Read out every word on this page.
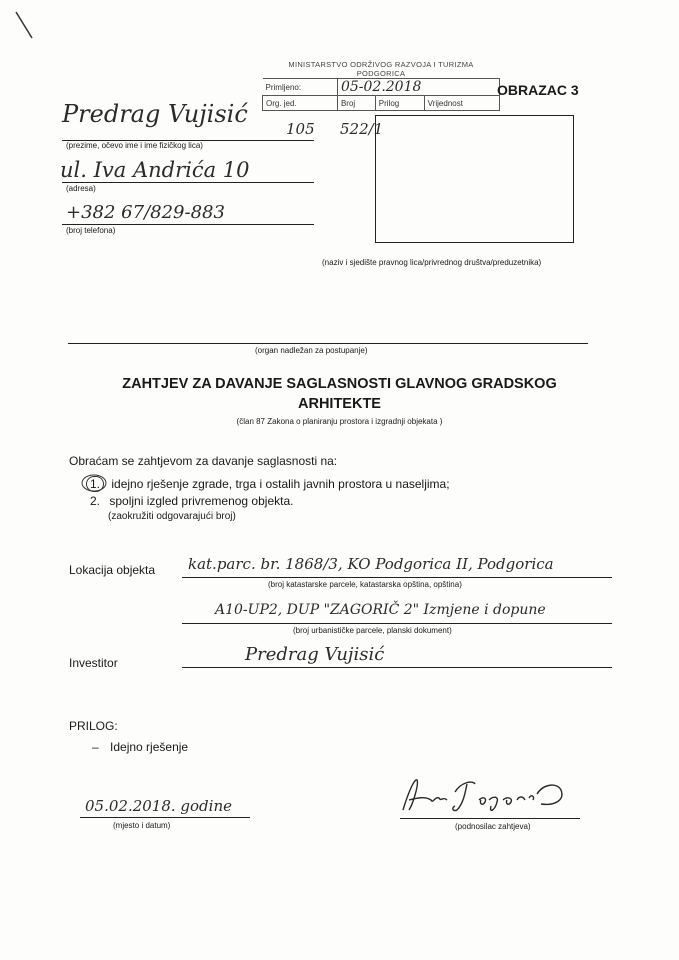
MINISTARSTVO ODRŽIVOG RAZVOJA I TURIZMA
PODGORICA
Primljeno:	05-02.2018		
Org. jed.	Broj	Prilog	Vrijednost
105 522/1
OBRAZAC 3
(naziv i sjedište pravnog lica/privrednog društva/preduzetnika)
Predrag Vujisić
(prezime, očevo ime i ime fizičkog lica)
ul. Iva Andrića 10
(adresa)
+382 67/829-883
(broj telefona)
(organ nadležan za postupanje)
ZAHTJEV ZA DAVANJE SAGLASNOSTI GLAVNOG GRADSKOG
ARHITEKTE
(član 87 Zakona o planiranju prostora i izgradnji objekata )
Obraćam se zahtjevom za davanje saglasnosti na:
1. idejno rješenje zgrade, trga i ostalih javnih prostora u naseljima;
2. spoljni izgled privremenog objekta.
(zaokružiti odgovarajući broj)
Lokacija objekta kat.parc. br. 1868/3, KO Podgorica II, Podgorica
(broj katastarske parcele, katastarska opština, opština)
A10-UP2, DUP "ZAGORIČ 2" Izmjene i dopune
(broj urbanističke parcele, planski dokument)
Investitor	Predrag Vujisić
PRILOG:
– Idejno rješenje
05.02.2018. godine
(mjesto i datum)	(podnosilac zahtjeva)
